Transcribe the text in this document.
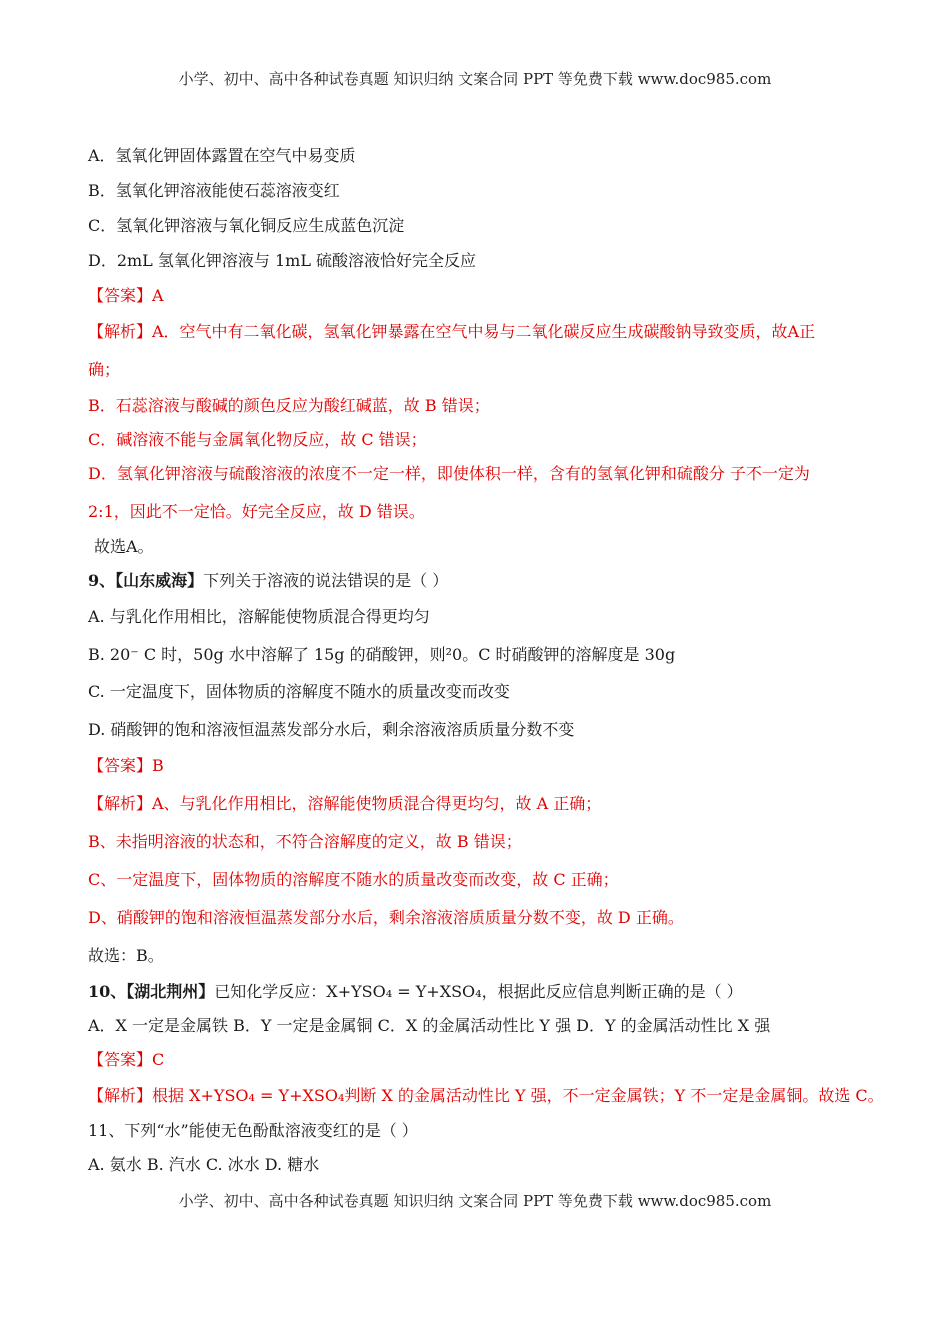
小学、初中、高中各种试卷真题 知识归纳 文案合同 PPT 等免费下载 www.doc985.com
A．氢氧化钾固体露置在空气中易变质
B．氢氧化钾溶液能使石蕊溶液变红
C．氢氧化钾溶液与氧化铜反应生成蓝色沉淀
D．2mL 氢氧化钾溶液与 1mL 硫酸溶液恰好完全反应
【答案】A
【解析】A．空气中有二氧化碳，氢氧化钾暴露在空气中易与二氧化碳反应生成碳酸钠导致变质，故A正
确；
B．石蕊溶液与酸碱的颜色反应为酸红碱蓝，故 B 错误；
C．碱溶液不能与金属氧化物反应，故 C 错误；
D．氢氧化钾溶液与硫酸溶液的浓度不一定一样，即使体积一样，含有的氢氧化钾和硫酸分 子不一定为
2:1，因此不一定恰。好完全反应，故 D 错误。
故选A。
9、【山东威海】下列关于溶液的说法错误的是（ ）
A. 与乳化作用相比，溶解能使物质混合得更均匀
B. 20⁻ C 时，50g 水中溶解了 15g 的硝酸钾，则²0。C 时硝酸钾的溶解度是 30g
C. 一定温度下，固体物质的溶解度不随水的质量改变而改变
D. 硝酸钾的饱和溶液恒温蒸发部分水后，剩余溶液溶质质量分数不变
【答案】B
【解析】A、与乳化作用相比，溶解能使物质混合得更均匀，故 A 正确；
B、未指明溶液的状态和，不符合溶解度的定义，故 B 错误；
C、一定温度下，固体物质的溶解度不随水的质量改变而改变，故 C 正确；
D、硝酸钾的饱和溶液恒温蒸发部分水后，剩余溶液溶质质量分数不变，故 D 正确。
故选：B。
10、【湖北荆州】已知化学反应：X+YSO₄ = Y+XSO₄，根据此反应信息判断正确的是（ ）
A．X 一定是金属铁 B．Y 一定是金属铜 C．X 的金属活动性比 Y 强 D．Y 的金属活动性比 X 强
【答案】C
【解析】根据 X+YSO₄ = Y+XSO₄判断 X 的金属活动性比 Y 强，不一定金属铁；Y 不一定是金属铜。故选 C。
11、下列“水”能使无色酚酞溶液变红的是（ ）
A. 氨水 B. 汽水 C. 冰水 D. 糖水
小学、初中、高中各种试卷真题 知识归纳 文案合同 PPT 等免费下载 www.doc985.com
